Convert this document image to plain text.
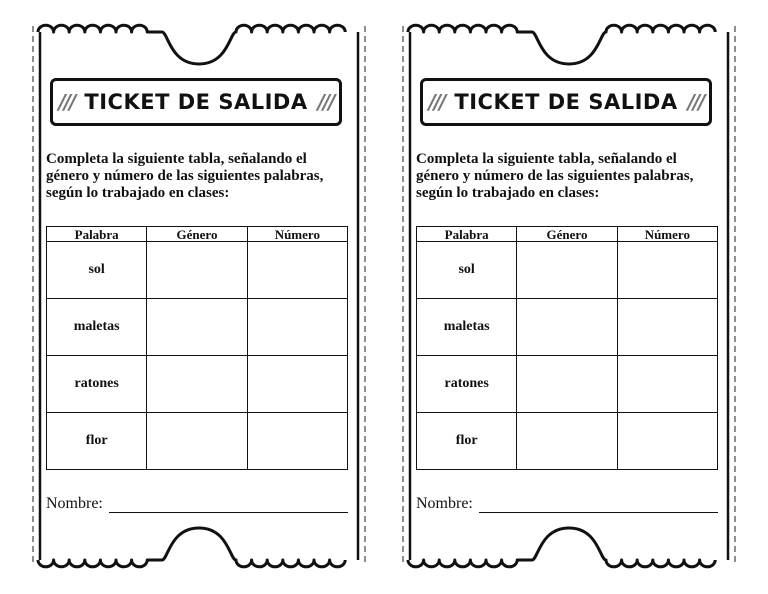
/// TICKET DE SALIDA ///
Completa la siguiente tabla, señalando el género y número de las siguientes palabras, según lo trabajado en clases:
Palabra	Género	Número
sol		
maletas		
ratones		
flor		
Nombre:
/// TICKET DE SALIDA ///
Completa la siguiente tabla, señalando el género y número de las siguientes palabras, según lo trabajado en clases:
Palabra	Género	Número
sol		
maletas		
ratones		
flor		
Nombre:
